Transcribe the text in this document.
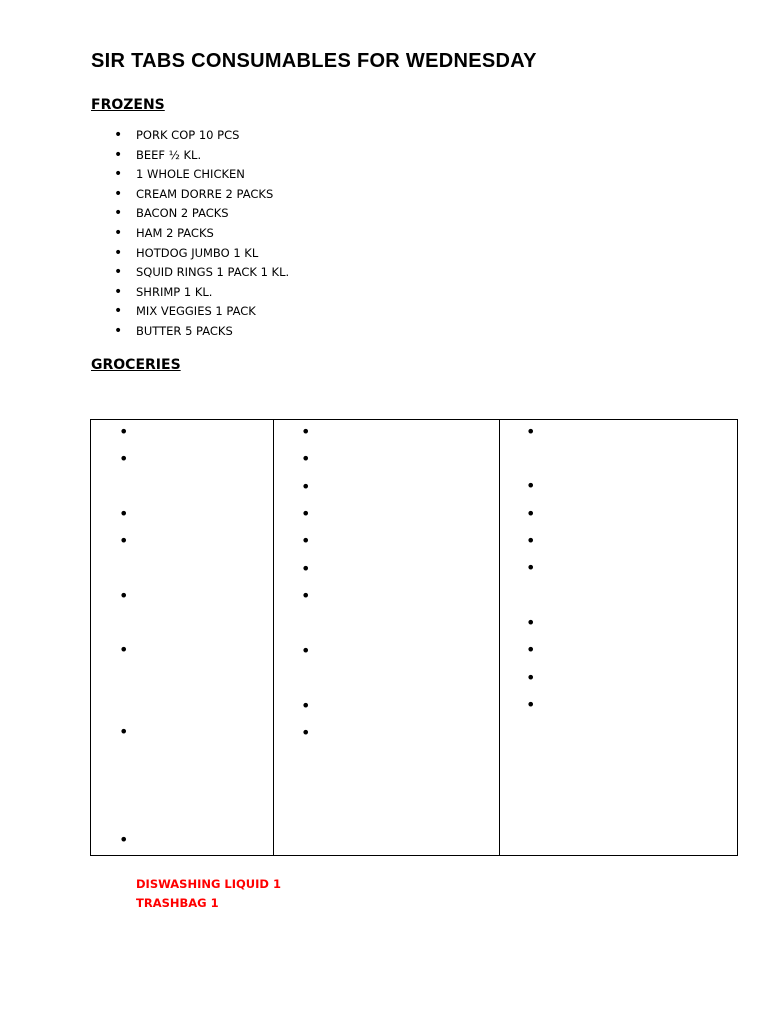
SIR TABS CONSUMABLES FOR WEDNESDAY
FROZENS
• PORK COP 10 PCS
• BEEF ½ KL.
• 1 WHOLE CHICKEN
• CREAM DORRE 2 PACKS
• BACON 2 PACKS
• HAM 2 PACKS
• HOTDOG JUMBO 1 KL
• SQUID RINGS 1 PACK 1 KL.
• SHRIMP 1 KL.
• MIX VEGGIES 1 PACK
• BUTTER 5 PACKS
GROCERIES
•
•
•
•
•
•
•
•
•
•
•
•
•
•
•
•
•
•
•
•
•
•
•
•
•
•
•

DISWASHING LIQUID 1

TRASHBAG 1
